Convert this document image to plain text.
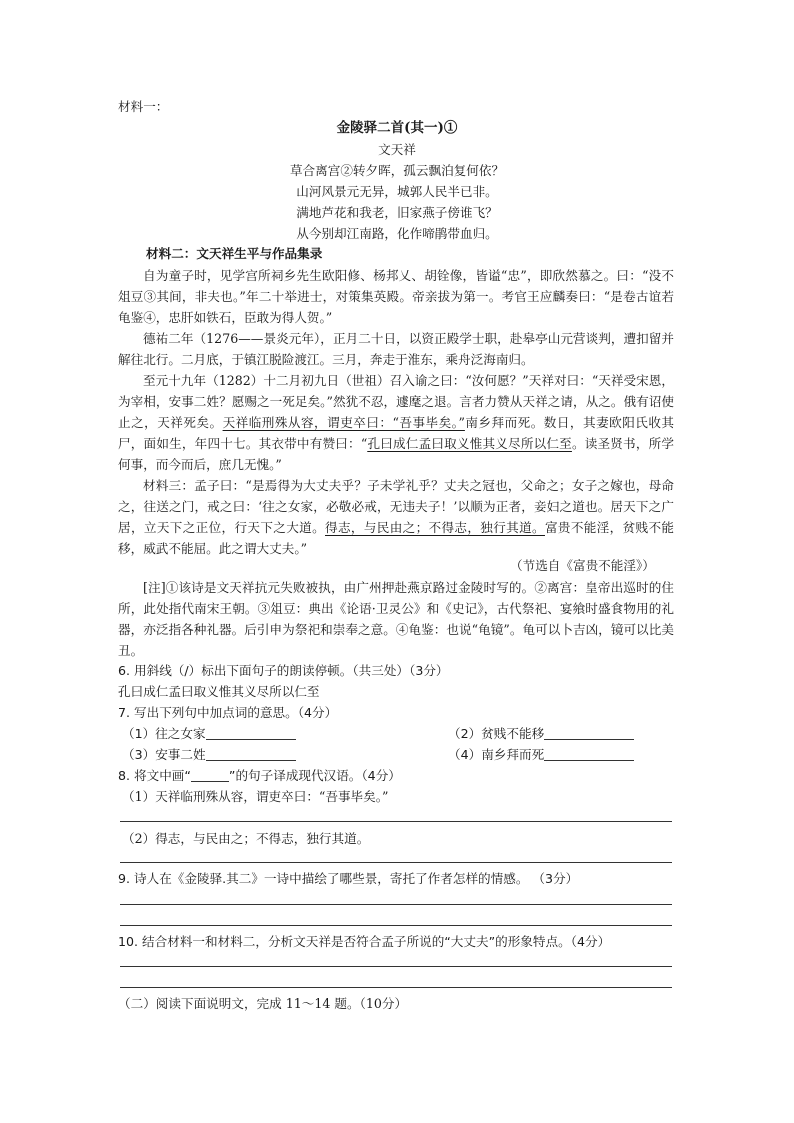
材料一：
金陵驿二首(其一)①
文天祥
草合离宫②转夕晖，孤云飘泊复何依？
山河风景元无异，城郭人民半已非。
满地芦花和我老，旧家燕子傍谁飞？
从今别却江南路，化作啼鹃带血归。
材料二：文天祥生平与作品集录
自为童子时，见学宫所祠乡先生欧阳修、杨邦乂、胡铨像，皆谥“忠”，即欣然慕之。曰：“没不俎豆③其间，非夫也。”年二十举进士，对策集英殿。帝亲拔为第一。考官王应麟奏曰：“是卷古谊若龟鉴④，忠肝如铁石，臣敢为得人贺。”
德祐二年（1276——景炎元年），正月二十日，以资正殿学士职，赴皋亭山元营谈判，遭扣留并解往北行。二月底，于镇江脱险渡江。三月，奔走于淮东，乘舟泛海南归。
至元十九年（1282）十二月初九日（世祖）召入谕之曰：“汝何愿？”天祥对曰：“天祥受宋恩，为宰相，安事二姓？愿赐之一死足矣。”然犹不忍，遽麾之退。言者力赞从天祥之请，从之。俄有诏使止之，天祥死矣。天祥临刑殊从容，谓吏卒曰：“吾事毕矣。”南乡拜而死。数日，其妻欧阳氏收其尸，面如生，年四十七。其衣带中有赞曰：“孔曰成仁孟曰取义惟其义尽所以仁至。读圣贤书，所学何事，而今而后，庶几无愧。”
材料三：孟子曰：“是焉得为大丈夫乎？子未学礼乎？丈夫之冠也，父命之；女子之嫁也，母命之，往送之门，戒之曰：‘往之女家，必敬必戒，无违夫子！’以顺为正者，妾妇之道也。居天下之广居，立天下之正位，行天下之大道。得志，与民由之；不得志，独行其道。富贵不能淫，贫贱不能移，威武不能屈。此之谓大丈夫。”
（节选自《富贵不能淫》）
[注]①该诗是文天祥抗元失败被执，由广州押赴燕京路过金陵时写的。②离宫：皇帝出巡时的住所，此处指代南宋王朝。③俎豆：典出《论语·卫灵公》和《史记》，古代祭祀、宴飨时盛食物用的礼器，亦泛指各种礼器。后引申为祭祀和崇奉之意。④龟鉴：也说“龟镜”。龟可以卜吉凶，镜可以比美丑。
6. 用斜线（/）标出下面句子的朗读停顿。（共三处）（3分）
孔曰成仁孟曰取义惟其义尽所以仁至
7. 写出下列句中加点词的意思。（4分）
（1）往之女家	（2）贫贱不能移
（3）安事二姓	（4）南乡拜而死
8. 将文中画“	”的句子译成现代汉语。（4分）
（1）天祥临刑殊从容，谓吏卒曰：“吾事毕矣。”
（2）得志，与民由之；不得志，独行其道。
9. 诗人在《金陵驿.其二》一诗中描绘了哪些景，寄托了作者怎样的情感。 （3分）
10. 结合材料一和材料二，分析文天祥是否符合孟子所说的“大丈夫”的形象特点。（4分）
（二）阅读下面说明文，完成 11～14 题。（10分）
